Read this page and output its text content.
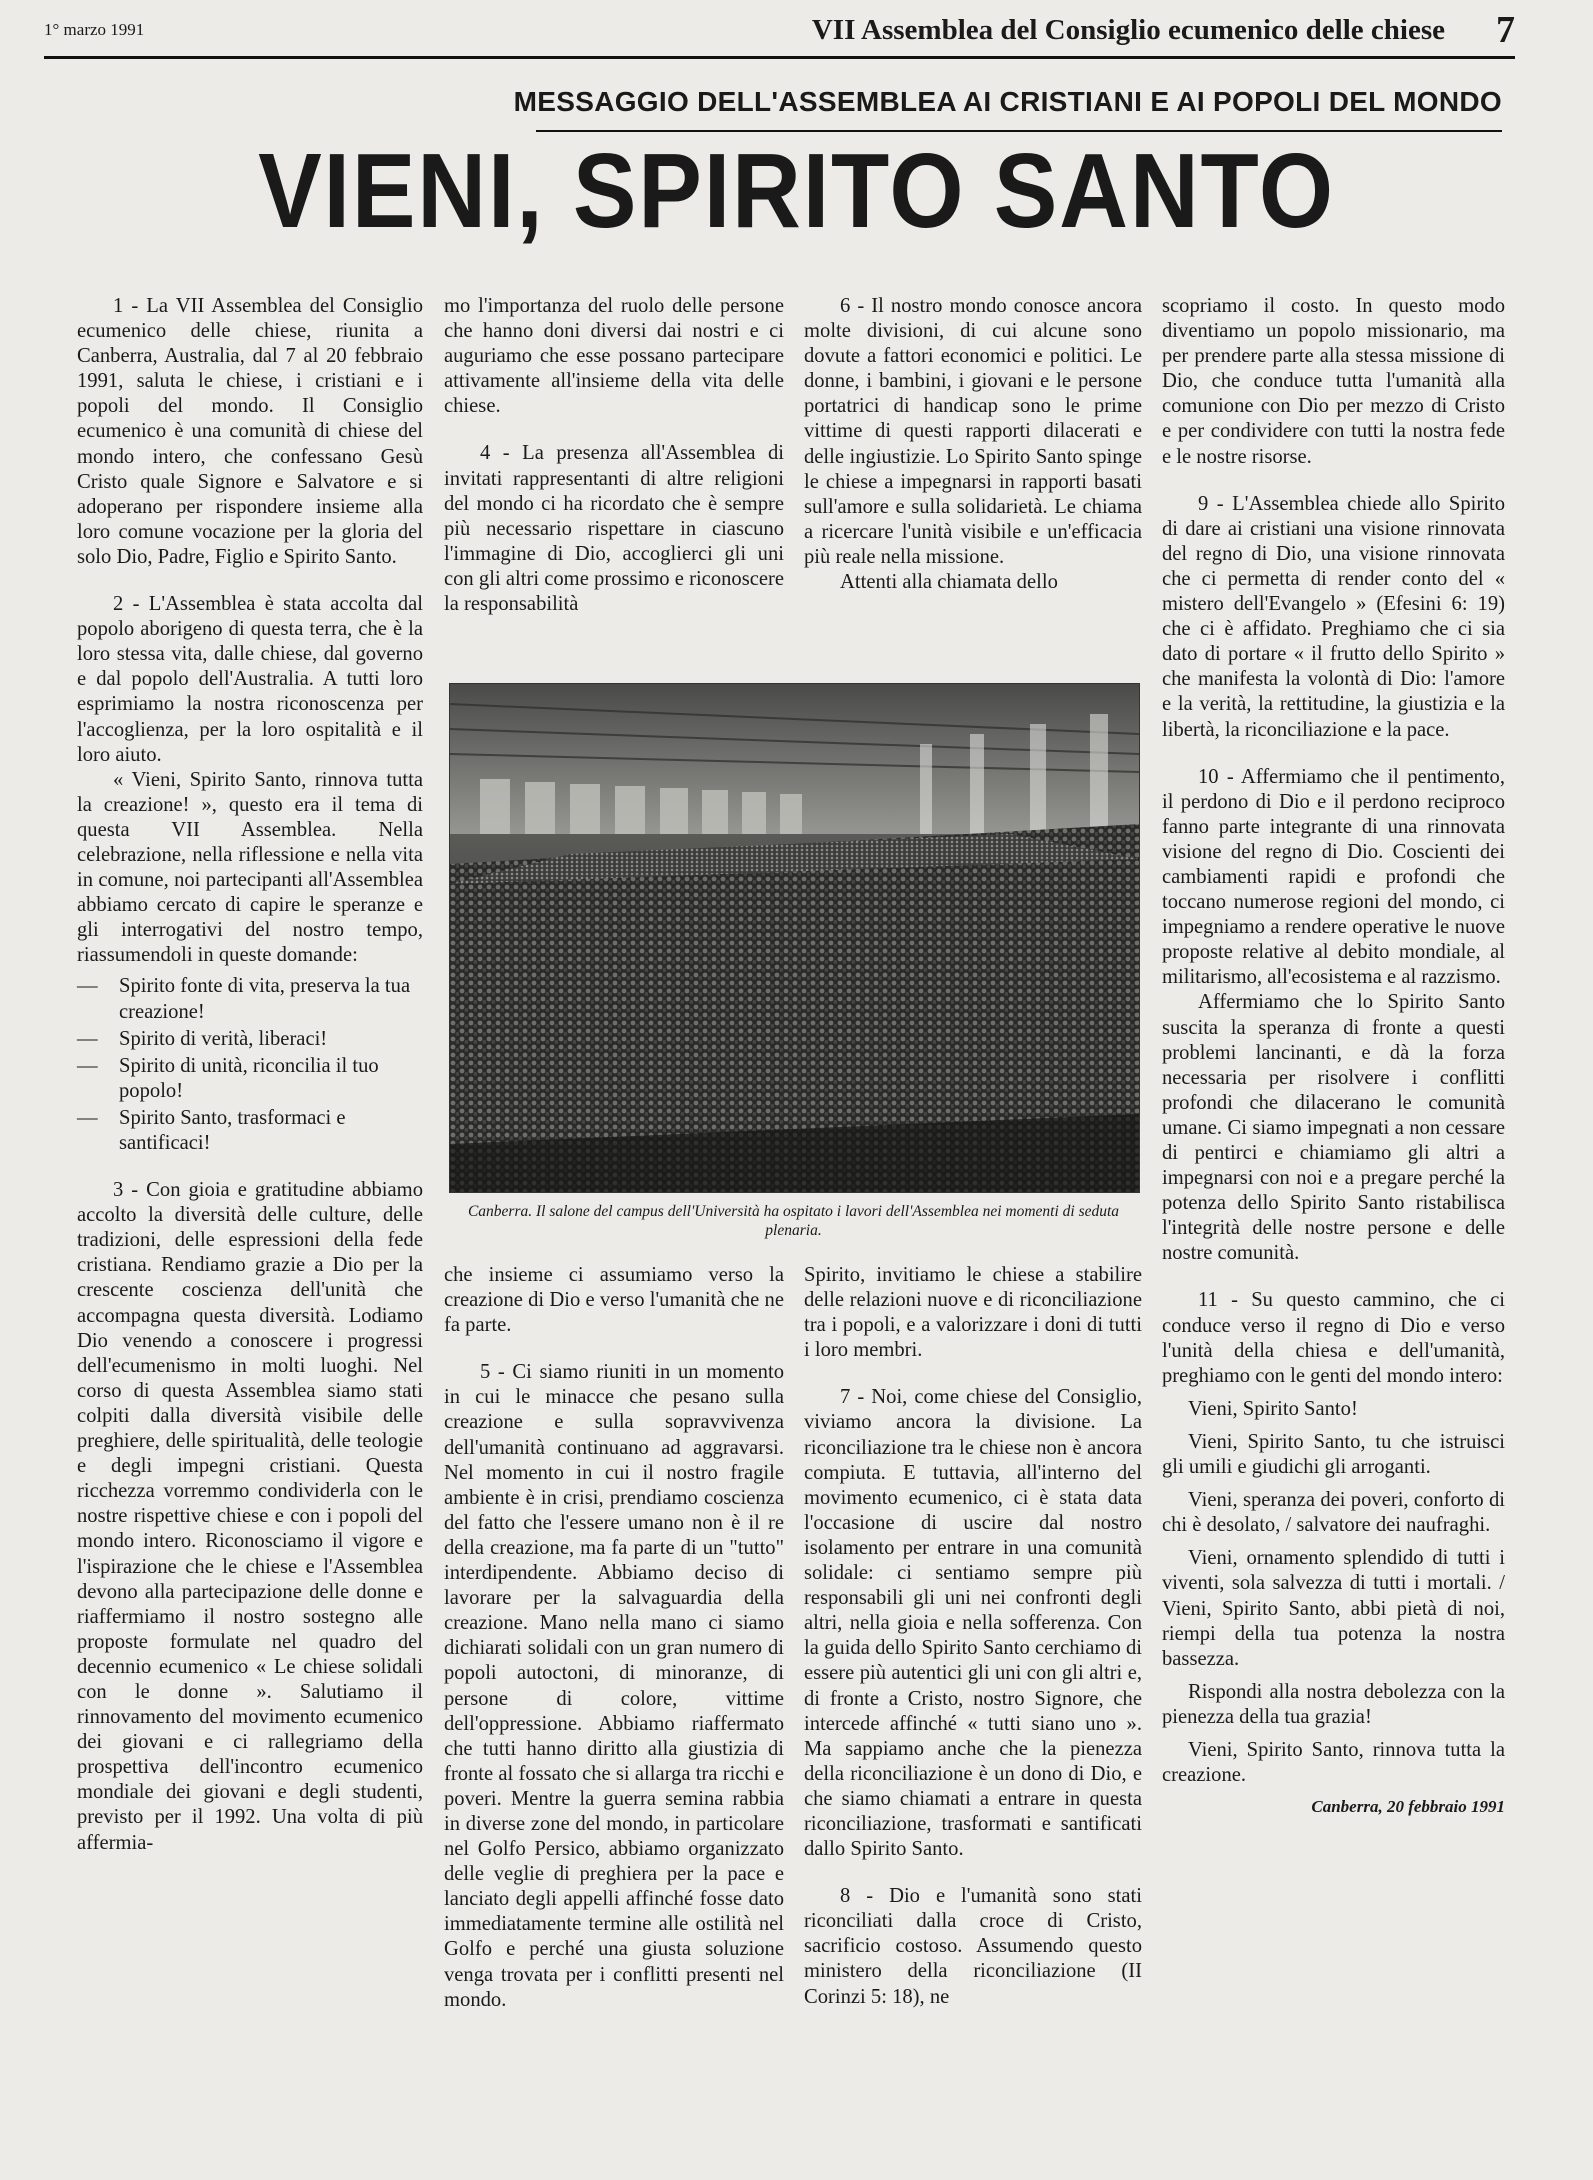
1° marzo 1991	VII Assemblea del Consiglio ecumenico delle chiese 7
MESSAGGIO DELL'ASSEMBLEA AI CRISTIANI E AI POPOLI DEL MONDO
VIENI, SPIRITO SANTO

1 - La VII Assemblea del Consiglio ecumenico delle chiese, riunita a Canberra, Australia, dal 7 al 20 febbraio 1991, saluta le chiese, i cristiani e i popoli del mondo. Il Consiglio ecumenico è una comunità di chiese del mondo intero, che confessano Gesù Cristo quale Signore e Salvatore e si adoperano per rispondere insieme alla loro comune vocazione per la gloria del solo Dio, Padre, Figlio e Spirito Santo.

2 - L'Assemblea è stata accolta dal popolo aborigeno di questa terra, che è la loro stessa vita, dalle chiese, dal governo e dal popolo dell'Australia. A tutti loro esprimiamo la nostra riconoscenza per l'accoglienza, per la loro ospitalità e il loro aiuto.

« Vieni, Spirito Santo, rinnova tutta la creazione! », questo era il tema di questa VII Assemblea. Nella celebrazione, nella riflessione e nella vita in comune, noi partecipanti all'Assemblea abbiamo cercato di capire le speranze e gli interrogativi del nostro tempo, riassumendoli in queste domande:

— Spirito fonte di vita, preserva la tua creazione!
— Spirito di verità, liberaci!
— Spirito di unità, riconcilia il tuo popolo!
— Spirito Santo, trasformaci e santificaci!

3 - Con gioia e gratitudine abbiamo accolto la diversità delle culture, delle tradizioni, delle espressioni della fede cristiana. Rendiamo grazie a Dio per la crescente coscienza dell'unità che accompagna questa diversità. Lodiamo Dio venendo a conoscere i progressi dell'ecumenismo in molti luoghi. Nel corso di questa Assemblea siamo stati colpiti dalla diversità visibile delle preghiere, delle spiritualità, delle teologie e degli impegni cristiani. Questa ricchezza vorremmo condividerla con le nostre rispettive chiese e con i popoli del mondo intero. Riconosciamo il vigore e l'ispirazione che le chiese e l'Assemblea devono alla partecipazione delle donne e riaffermiamo il nostro sostegno alle proposte formulate nel quadro del decennio ecumenico « Le chiese solidali con le donne ». Salutiamo il rinnovamento del movimento ecumenico dei giovani e ci rallegriamo della prospettiva dell'incontro ecumenico mondiale dei giovani e degli studenti, previsto per il 1992. Una volta di più affermia-

mo l'importanza del ruolo delle persone che hanno doni diversi dai nostri e ci auguriamo che esse possano partecipare attivamente all'insieme della vita delle chiese.

4 - La presenza all'Assemblea di invitati rappresentanti di altre religioni del mondo ci ha ricordato che è sempre più necessario rispettare in ciascuno l'immagine di Dio, accoglierci gli uni con gli altri come prossimo e riconoscere la responsabilità

6 - Il nostro mondo conosce ancora molte divisioni, di cui alcune sono dovute a fattori economici e politici. Le donne, i bambini, i giovani e le persone portatrici di handicap sono le prime vittime di questi rapporti dilacerati e delle ingiustizie. Lo Spirito Santo spinge le chiese a impegnarsi in rapporti basati sull'amore e sulla solidarietà. Le chiama a ricercare l'unità visibile e un'efficacia più reale nella missione.

Attenti alla chiamata dello

Canberra. Il salone del campus dell'Università ha ospitato i lavori dell'Assemblea nei momenti di seduta plenaria.

che insieme ci assumiamo verso la creazione di Dio e verso l'umanità che ne fa parte.

5 - Ci siamo riuniti in un momento in cui le minacce che pesano sulla creazione e sulla sopravvivenza dell'umanità continuano ad aggravarsi. Nel momento in cui il nostro fragile ambiente è in crisi, prendiamo coscienza del fatto che l'essere umano non è il re della creazione, ma fa parte di un "tutto" interdipendente. Abbiamo deciso di lavorare per la salvaguardia della creazione. Mano nella mano ci siamo dichiarati solidali con un gran numero di popoli autoctoni, di minoranze, di persone di colore, vittime dell'oppressione. Abbiamo riaffermato che tutti hanno diritto alla giustizia di fronte al fossato che si allarga tra ricchi e poveri. Mentre la guerra semina rabbia in diverse zone del mondo, in particolare nel Golfo Persico, abbiamo organizzato delle veglie di preghiera per la pace e lanciato degli appelli affinché fosse dato immediatamente termine alle ostilità nel Golfo e perché una giusta soluzione venga trovata per i conflitti presenti nel mondo.

Spirito, invitiamo le chiese a stabilire delle relazioni nuove e di riconciliazione tra i popoli, e a valorizzare i doni di tutti i loro membri.

7 - Noi, come chiese del Consiglio, viviamo ancora la divisione. La riconciliazione tra le chiese non è ancora compiuta. E tuttavia, all'interno del movimento ecumenico, ci è stata data l'occasione di uscire dal nostro isolamento per entrare in una comunità solidale: ci sentiamo sempre più responsabili gli uni nei confronti degli altri, nella gioia e nella sofferenza. Con la guida dello Spirito Santo cerchiamo di essere più autentici gli uni con gli altri e, di fronte a Cristo, nostro Signore, che intercede affinché « tutti siano uno ». Ma sappiamo anche che la pienezza della riconciliazione è un dono di Dio, e che siamo chiamati a entrare in questa riconciliazione, trasformati e santificati dallo Spirito Santo.

8 - Dio e l'umanità sono stati riconciliati dalla croce di Cristo, sacrificio costoso. Assumendo questo ministero della riconciliazione (II Corinzi 5: 18), ne

scopriamo il costo. In questo modo diventiamo un popolo missionario, ma per prendere parte alla stessa missione di Dio, che conduce tutta l'umanità alla comunione con Dio per mezzo di Cristo e per condividere con tutti la nostra fede e le nostre risorse.

9 - L'Assemblea chiede allo Spirito di dare ai cristiani una visione rinnovata del regno di Dio, una visione rinnovata che ci permetta di render conto del « mistero dell'Evangelo » (Efesini 6: 19) che ci è affidato. Preghiamo che ci sia dato di portare « il frutto dello Spirito » che manifesta la volontà di Dio: l'amore e la verità, la rettitudine, la giustizia e la libertà, la riconciliazione e la pace.

10 - Affermiamo che il pentimento, il perdono di Dio e il perdono reciproco fanno parte integrante di una rinnovata visione del regno di Dio. Coscienti dei cambiamenti rapidi e profondi che toccano numerose regioni del mondo, ci impegniamo a rendere operative le nuove proposte relative al debito mondiale, al militarismo, all'ecosistema e al razzismo.

Affermiamo che lo Spirito Santo suscita la speranza di fronte a questi problemi lancinanti, e dà la forza necessaria per risolvere i conflitti profondi che dilacerano le comunità umane. Ci siamo impegnati a non cessare di pentirci e chiamiamo gli altri a impegnarsi con noi e a pregare perché la potenza dello Spirito Santo ristabilisca l'integrità delle nostre persone e delle nostre comunità.

11 - Su questo cammino, che ci conduce verso il regno di Dio e verso l'unità della chiesa e dell'umanità, preghiamo con le genti del mondo intero:

Vieni, Spirito Santo!

Vieni, Spirito Santo, tu che istruisci gli umili e giudichi gli arroganti.

Vieni, speranza dei poveri, conforto di chi è desolato, / salvatore dei naufraghi.

Vieni, ornamento splendido di tutti i viventi, sola salvezza di tutti i mortali. / Vieni, Spirito Santo, abbi pietà di noi, riempi della tua potenza la nostra bassezza.

Rispondi alla nostra debolezza con la pienezza della tua grazia!

Vieni, Spirito Santo, rinnova tutta la creazione.

Canberra, 20 febbraio 1991
